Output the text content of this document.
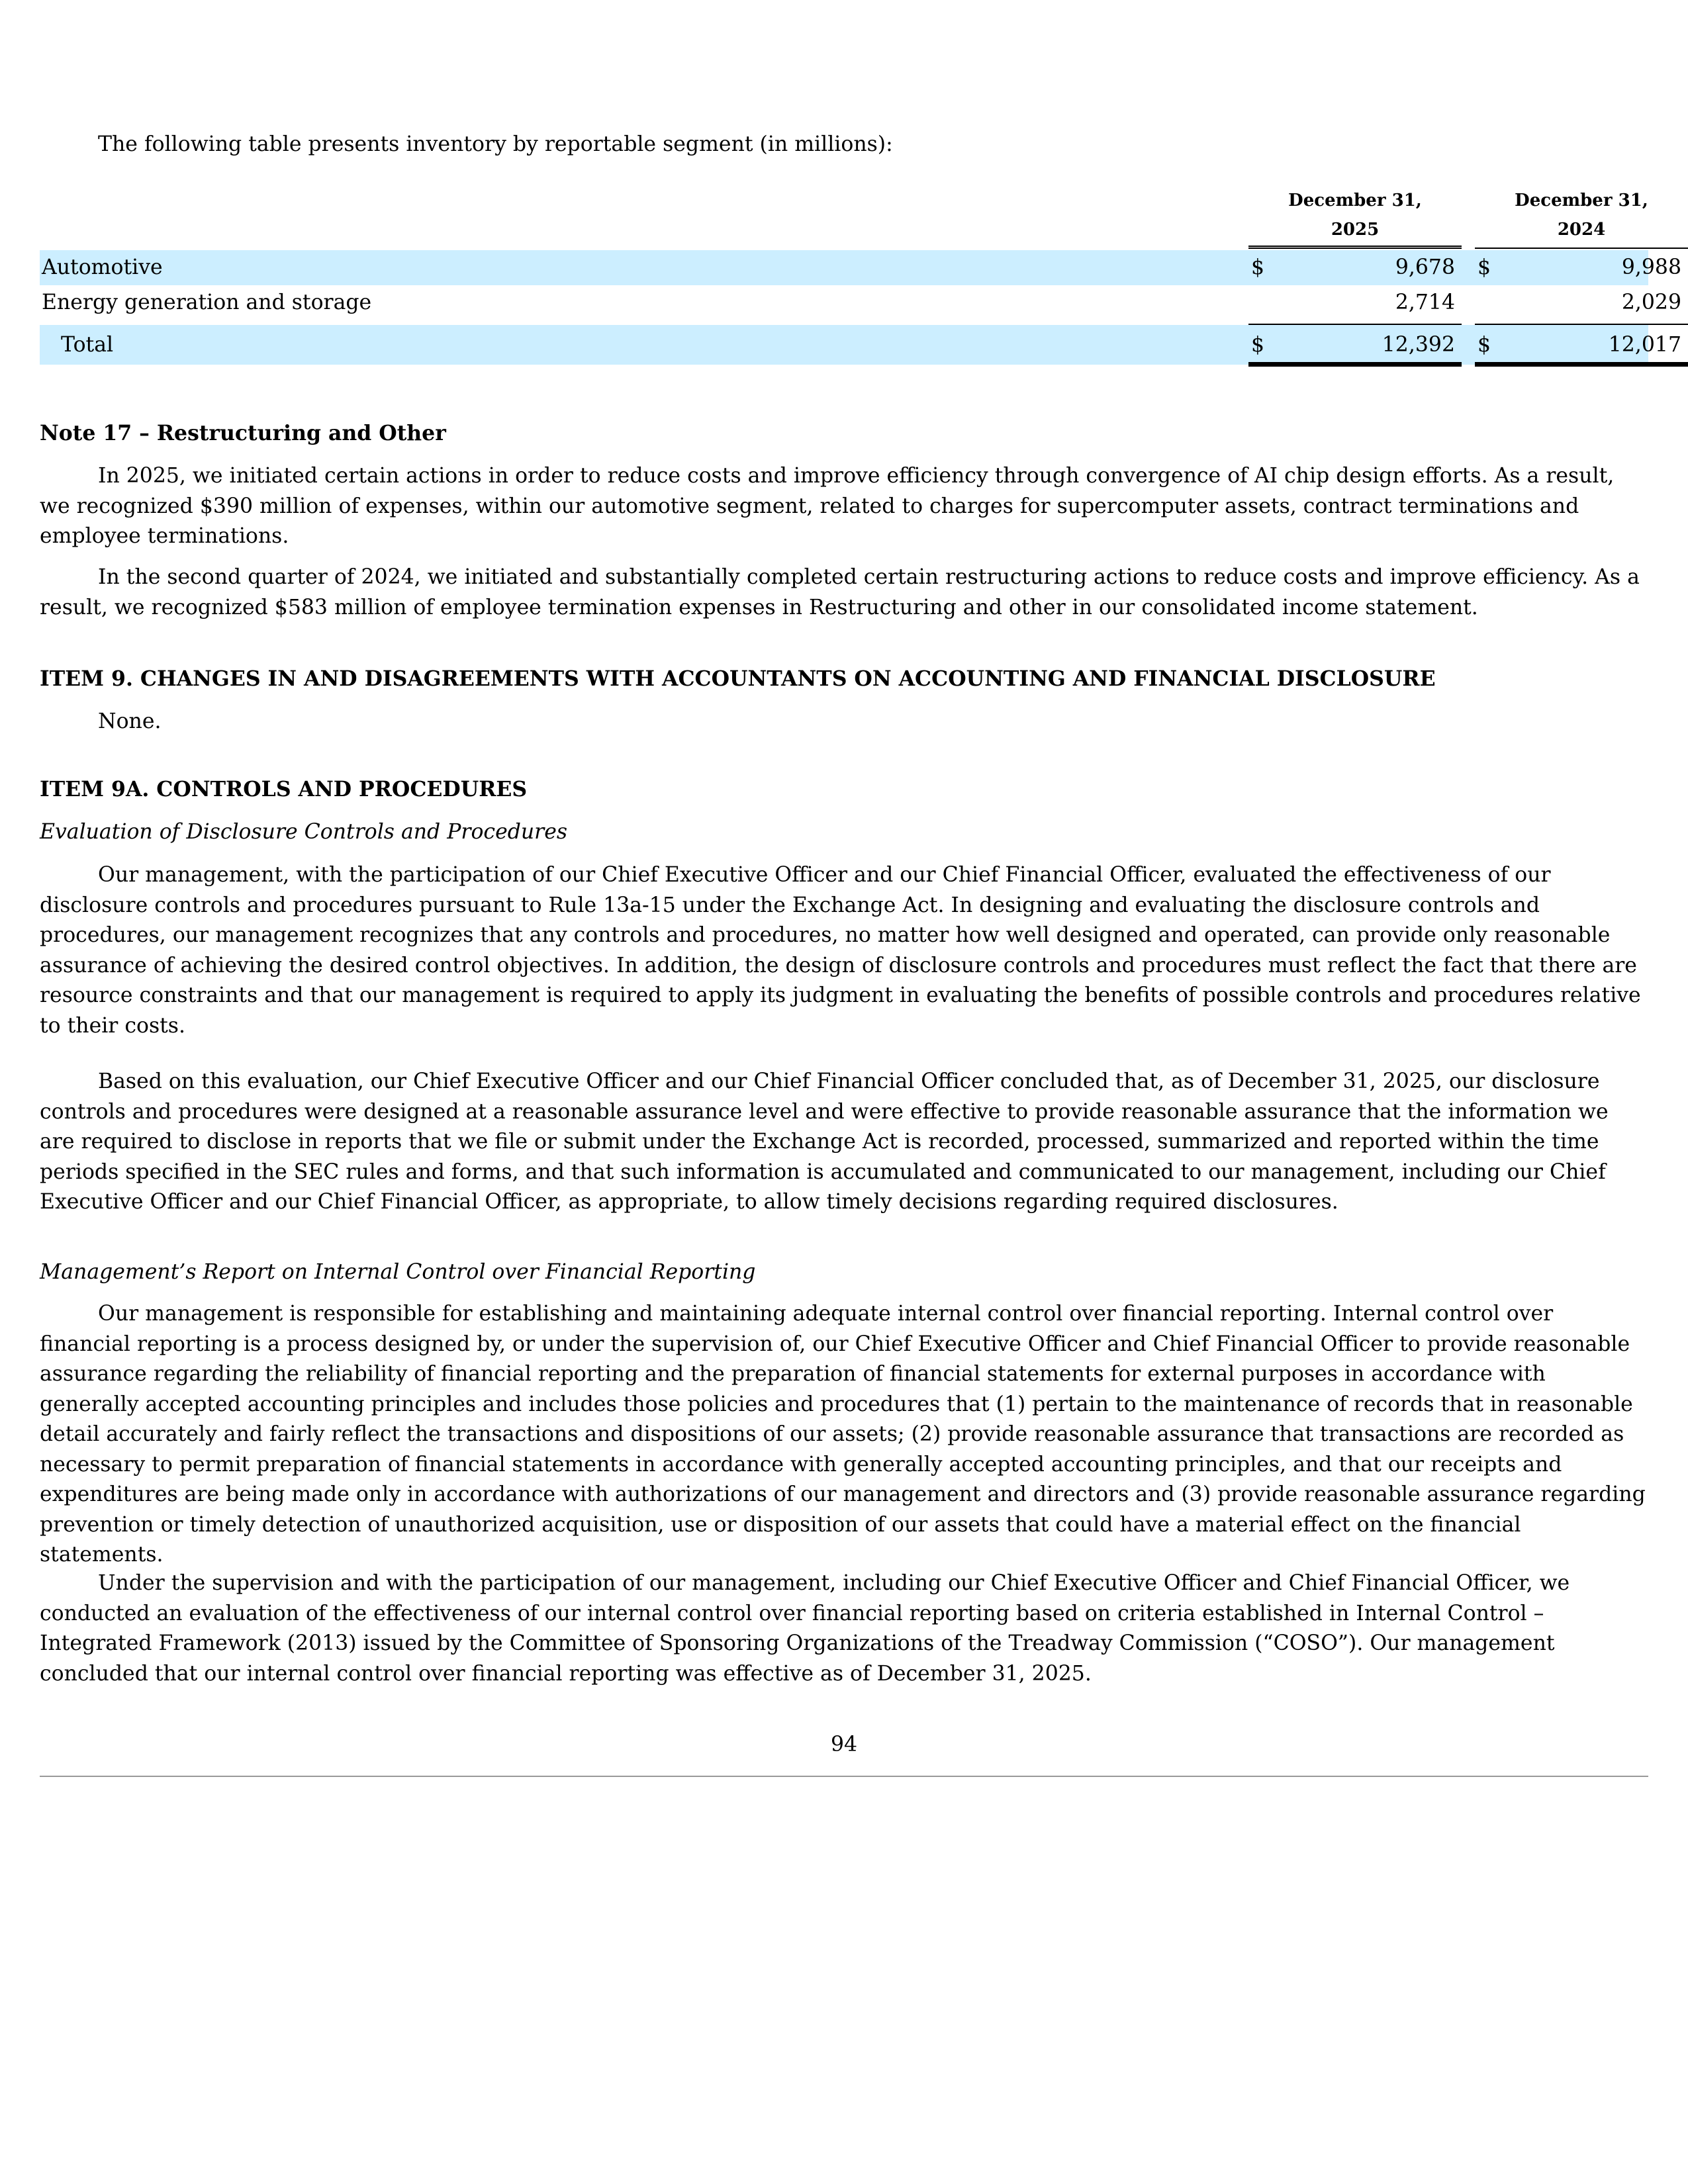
The following table presents inventory by reportable segment (in millions):

December 31,
2025
December 31,
2024
Automotive	$	9,678 $	9,988
Energy generation and storage	2,714	2,029
Total	$	12,392 $	12,017
Note 17 – Restructuring and Other

In 2025, we initiated certain actions in order to reduce costs and improve efficiency through convergence of AI chip design efforts. As a result, we recognized $390 million of expenses, within our automotive segment, related to charges for supercomputer assets, contract terminations and employee terminations.

In the second quarter of 2024, we initiated and substantially completed certain restructuring actions to reduce costs and improve efficiency. As a result, we recognized $583 million of employee termination expenses in Restructuring and other in our consolidated income statement.

ITEM 9. CHANGES IN AND DISAGREEMENTS WITH ACCOUNTANTS ON ACCOUNTING AND FINANCIAL DISCLOSURE

None.

ITEM 9A. CONTROLS AND PROCEDURES

Evaluation of Disclosure Controls and Procedures

Our management, with the participation of our Chief Executive Officer and our Chief Financial Officer, evaluated the effectiveness of our disclosure controls and procedures pursuant to Rule 13a-15 under the Exchange Act. In designing and evaluating the disclosure controls and procedures, our management recognizes that any controls and procedures, no matter how well designed and operated, can provide only reasonable assurance of achieving the desired control objectives. In addition, the design of disclosure controls and procedures must reflect the fact that there are resource constraints and that our management is required to apply its judgment in evaluating the benefits of possible controls and procedures relative to their costs.

Based on this evaluation, our Chief Executive Officer and our Chief Financial Officer concluded that, as of December 31, 2025, our disclosure controls and procedures were designed at a reasonable assurance level and were effective to provide reasonable assurance that the information we are required to disclose in reports that we file or submit under the Exchange Act is recorded, processed, summarized and reported within the time periods specified in the SEC rules and forms, and that such information is accumulated and communicated to our management, including our Chief Executive Officer and our Chief Financial Officer, as appropriate, to allow timely decisions regarding required disclosures.

Management’s Report on Internal Control over Financial Reporting

Our management is responsible for establishing and maintaining adequate internal control over financial reporting. Internal control over financial reporting is a process designed by, or under the supervision of, our Chief Executive Officer and Chief Financial Officer to provide reasonable assurance regarding the reliability of financial reporting and the preparation of financial statements for external purposes in accordance with generally accepted accounting principles and includes those policies and procedures that (1) pertain to the maintenance of records that in reasonable detail accurately and fairly reflect the transactions and dispositions of our assets; (2) provide reasonable assurance that transactions are recorded as necessary to permit preparation of financial statements in accordance with generally accepted accounting principles, and that our receipts and expenditures are being made only in accordance with authorizations of our management and directors and (3) provide reasonable assurance regarding prevention or timely detection of unauthorized acquisition, use or disposition of our assets that could have a material effect on the financial statements.

Under the supervision and with the participation of our management, including our Chief Executive Officer and Chief Financial Officer, we conducted an evaluation of the effectiveness of our internal control over financial reporting based on criteria established in Internal Control – Integrated Framework (2013) issued by the Committee of Sponsoring Organizations of the Treadway Commission (“COSO”). Our management concluded that our internal control over financial reporting was effective as of December 31, 2025.

94
